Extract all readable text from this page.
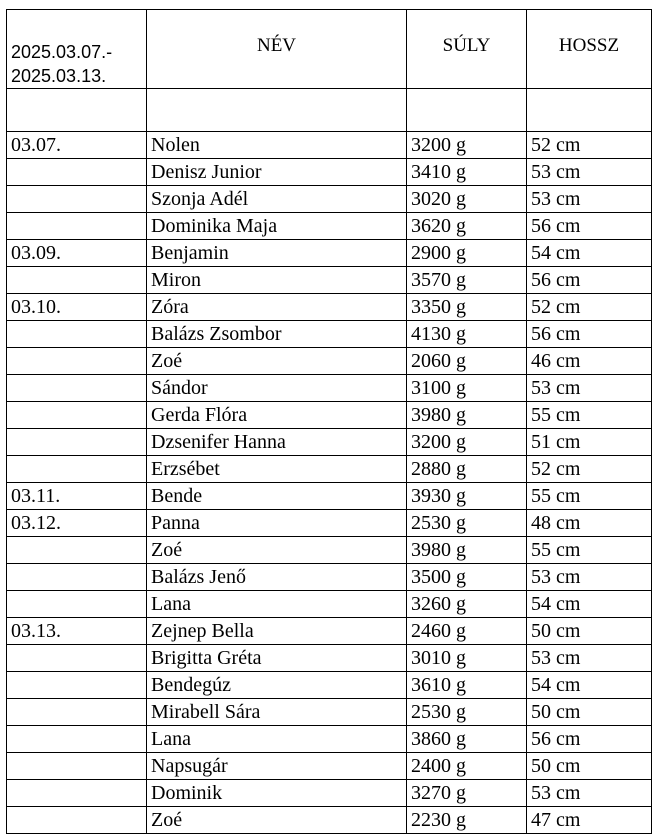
2025.03.07.-
2025.03.13.	NÉV	SÚLY	HOSSZ

03.07.	Nolen	3200 g	52 cm
	Denisz Junior	3410 g	53 cm
	Szonja Adél	3020 g	53 cm
	Dominika Maja	3620 g	56 cm
03.09.	Benjamin	2900 g	54 cm
	Miron	3570 g	56 cm
03.10.	Zóra	3350 g	52 cm
	Balázs Zsombor	4130 g	56 cm
	Zoé	2060 g	46 cm
	Sándor	3100 g	53 cm
	Gerda Flóra	3980 g	55 cm
	Dzsenifer Hanna	3200 g	51 cm
	Erzsébet	2880 g	52 cm
03.11.	Bende	3930 g	55 cm
03.12.	Panna	2530 g	48 cm
	Zoé	3980 g	55 cm
	Balázs Jenő	3500 g	53 cm
	Lana	3260 g	54 cm
03.13.	Zejnep Bella	2460 g	50 cm
	Brigitta Gréta	3010 g	53 cm
	Bendegúz	3610 g	54 cm
	Mirabell Sára	2530 g	50 cm
	Lana	3860 g	56 cm
	Napsugár	2400 g	50 cm
	Dominik	3270 g	53 cm
	Zoé	2230 g	47 cm
